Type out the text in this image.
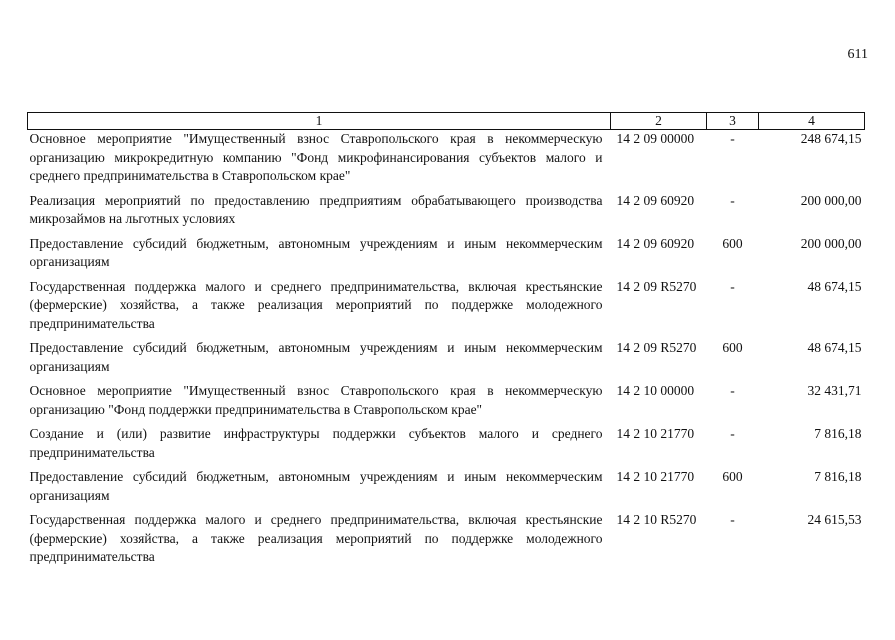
611
1	2	3	4
Основное мероприятие "Имущественный взнос Ставропольского края в некоммерческую организацию микрокредитную компанию "Фонд микрофинансирования субъектов малого и среднего предпринимательства в Ставропольском крае"	14 2 09 00000	-	248 674,15
Реализация мероприятий по предоставлению предприятиям обрабатывающего производства микрозаймов на льготных условиях	14 2 09 60920	-	200 000,00
Предоставление субсидий бюджетным, автономным учреждениям и иным некоммерческим организациям	14 2 09 60920	600	200 000,00
Государственная поддержка малого и среднего предпринимательства, включая крестьянские (фермерские) хозяйства, а также реализация мероприятий по поддержке молодежного предпринимательства	14 2 09 R5270	-	48 674,15
Предоставление субсидий бюджетным, автономным учреждениям и иным некоммерческим организациям	14 2 09 R5270	600	48 674,15
Основное мероприятие "Имущественный взнос Ставропольского края в некоммерческую организацию "Фонд поддержки предпринимательства в Ставропольском крае"	14 2 10 00000	-	32 431,71
Создание и (или) развитие инфраструктуры поддержки субъектов малого и среднего предпринимательства	14 2 10 21770	-	7 816,18
Предоставление субсидий бюджетным, автономным учреждениям и иным некоммерческим организациям	14 2 10 21770	600	7 816,18
Государственная поддержка малого и среднего предпринимательства, включая крестьянские (фермерские) хозяйства, а также реализация мероприятий по поддержке молодежного предпринимательства	14 2 10 R5270	-	24 615,53
